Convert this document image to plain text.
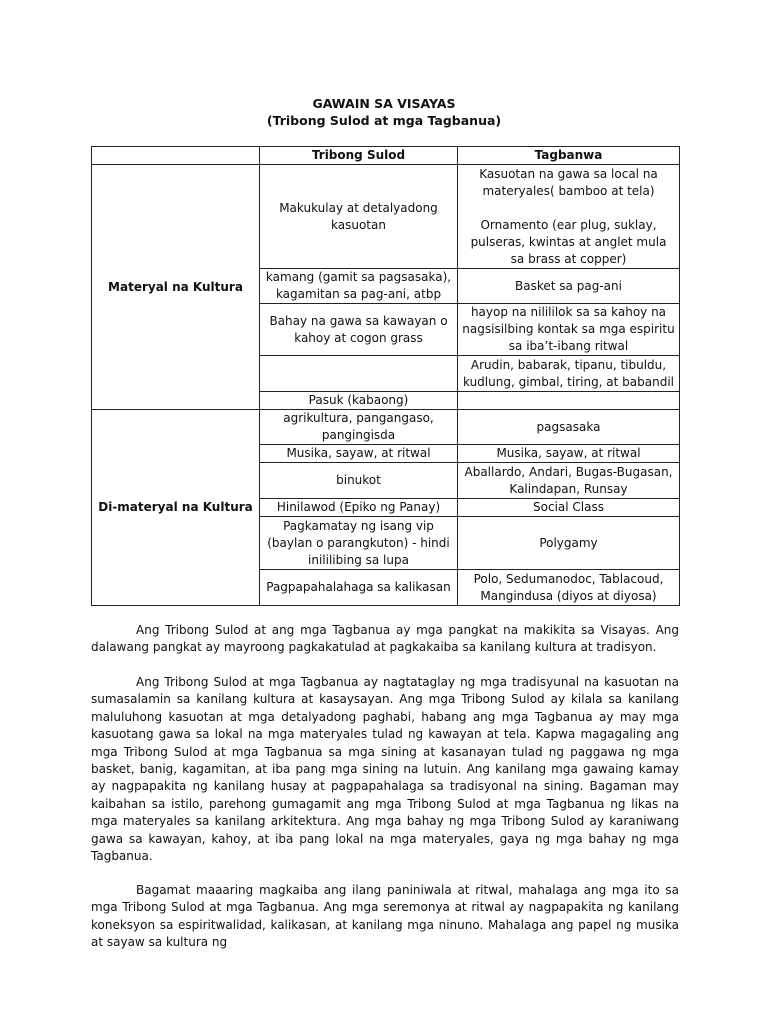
GAWAIN SA VISAYAS
(Tribong Sulod at mga Tagbanua)
	Tribong Sulod	Tagbanwa
Materyal na Kultura	Makukulay at detalyadong kasuotan	Kasuotan na gawa sa local na materyales( bamboo at tela)
Ornamento (ear plug, suklay, pulseras, kwintas at anglet mula sa brass at copper)
	kamang (gamit sa pagsasaka), kagamitan sa pag-ani, atbp	Basket sa pag-ani
	Bahay na gawa sa kawayan o kahoy at cogon grass	hayop na nilililok sa sa kahoy na nagsisilbing kontak sa mga espiritu sa iba’t-ibang ritwal
		Arudin, babarak, tipanu, tibuldu, kudlung, gimbal, tiring, at babandil
	Pasuk (kabaong)	
Di-materyal na Kultura	agrikultura, pangangaso, pangingisda	pagsasaka
	Musika, sayaw, at ritwal	Musika, sayaw, at ritwal
	binukot	Aballardo, Andari, Bugas-Bugasan, Kalindapan, Runsay
	Hinilawod (Epiko ng Panay)	Social Class
	Pagkamatay ng isang vip (baylan o parangkuton) - hindi inililibing sa lupa	Polygamy
	Pagpapahalahaga sa kalikasan	Polo, Sedumanodoc, Tablacoud, Mangindusa (diyos at diyosa)

Ang Tribong Sulod at ang mga Tagbanua ay mga pangkat na makikita sa Visayas. Ang dalawang pangkat ay mayroong pagkakatulad at pagkakaiba sa kanilang kultura at tradisyon.

Ang Tribong Sulod at mga Tagbanua ay nagtataglay ng mga tradisyunal na kasuotan na sumasalamin sa kanilang kultura at kasaysayan. Ang mga Tribong Sulod ay kilala sa kanilang maluluhong kasuotan at mga detalyadong paghabi, habang ang mga Tagbanua ay may mga kasuotang gawa sa lokal na mga materyales tulad ng kawayan at tela. Kapwa magagaling ang mga Tribong Sulod at mga Tagbanua sa mga sining at kasanayan tulad ng paggawa ng mga basket, banig, kagamitan, at iba pang mga sining na lutuin. Ang kanilang mga gawaing kamay ay nagpapakita ng kanilang husay at pagpapahalaga sa tradisyonal na sining. Bagaman may kaibahan sa istilo, parehong gumagamit ang mga Tribong Sulod at mga Tagbanua ng likas na mga materyales sa kanilang arkitektura. Ang mga bahay ng mga Tribong Sulod ay karaniwang gawa sa kawayan, kahoy, at iba pang lokal na mga materyales, gaya ng mga bahay ng mga Tagbanua.

Bagamat maaaring magkaiba ang ilang paniniwala at ritwal, mahalaga ang mga ito sa mga Tribong Sulod at mga Tagbanua. Ang mga seremonya at ritwal ay nagpapakita ng kanilang koneksyon sa espiritwalidad, kalikasan, at kanilang mga ninuno. Mahalaga ang papel ng musika at sayaw sa kultura ng
